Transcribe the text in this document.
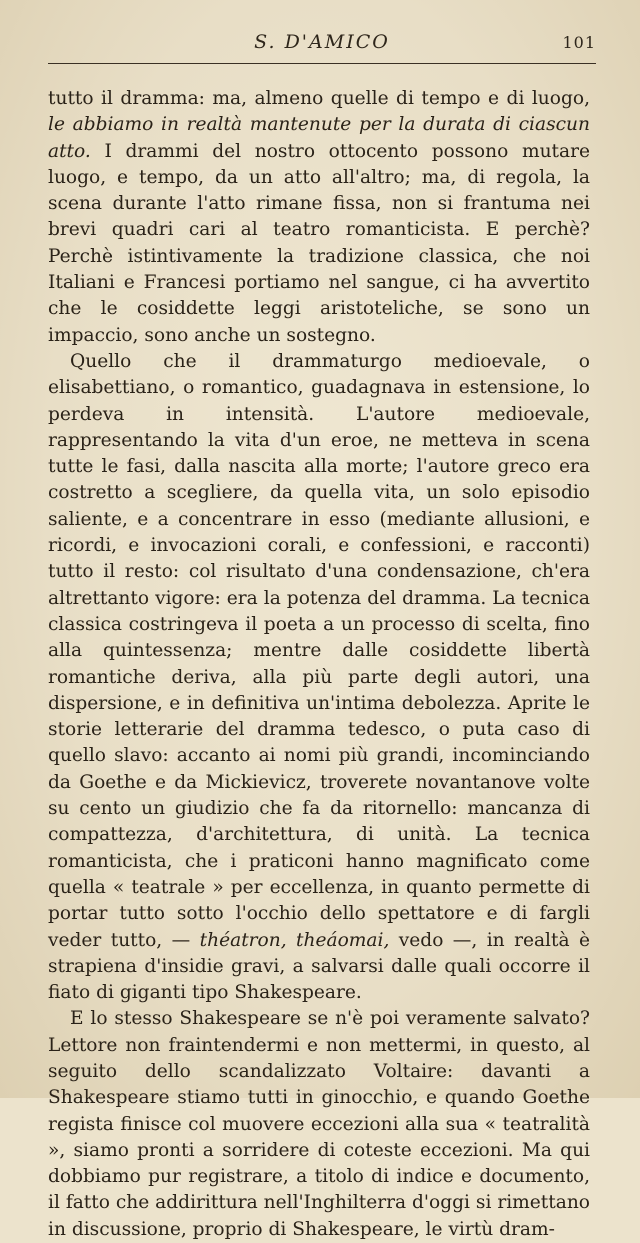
S. D'AMICO	101

tutto il dramma: ma, almeno quelle di tempo e di luogo, le abbiamo in realtà mantenute per la durata di ciascun atto. I drammi del nostro ottocento possono mutare luogo, e tempo, da un atto all'altro; ma, di regola, la scena durante l'atto rimane fissa, non si frantuma nei brevi quadri cari al teatro romanticista. E perchè? Perchè istintivamente la tradizione classica, che noi Italiani e Francesi portiamo nel sangue, ci ha avvertito che le cosiddette leggi aristoteliche, se sono un impaccio, sono anche un sostegno.

Quello che il drammaturgo medioevale, o elisabettiano, o romantico, guadagnava in estensione, lo perdeva in intensità. L'autore medioevale, rappresentando la vita d'un eroe, ne metteva in scena tutte le fasi, dalla nascita alla morte; l'autore greco era costretto a scegliere, da quella vita, un solo episodio saliente, e a concentrare in esso (mediante allusioni, e ricordi, e invocazioni corali, e confessioni, e racconti) tutto il resto: col risultato d'una condensazione, ch'era altrettanto vigore: era la potenza del dramma. La tecnica classica costringeva il poeta a un processo di scelta, fino alla quintessenza; mentre dalle cosiddette libertà romantiche deriva, alla più parte degli autori, una dispersione, e in definitiva un'intima debolezza. Aprite le storie letterarie del dramma tedesco, o puta caso di quello slavo: accanto ai nomi più grandi, incominciando da Goethe e da Mickievicz, troverete novantanove volte su cento un giudizio che fa da ritornello: mancanza di compattezza, d'architettura, di unità. La tecnica romanticista, che i praticoni hanno magnificato come quella « teatrale » per eccellenza, in quanto permette di portar tutto sotto l'occhio dello spettatore e di fargli veder tutto, — théatron, theáomai, vedo —, in realtà è strapiena d'insidie gravi, a salvarsi dalle quali occorre il fiato di giganti tipo Shakespeare.

E lo stesso Shakespeare se n'è poi veramente salvato? Lettore non fraintendermi e non mettermi, in questo, al seguito dello scandalizzato Voltaire: davanti a Shakespeare stiamo tutti in ginocchio, e quando Goethe regista finisce col muovere eccezioni alla sua « teatralità », siamo pronti a sorridere di coteste eccezioni. Ma qui dobbiamo pur registrare, a titolo di indice e documento, il fatto che addirittura nell'Inghilterra d'oggi si rimettano in discussione, proprio di Shakespeare, le virtù dram-
